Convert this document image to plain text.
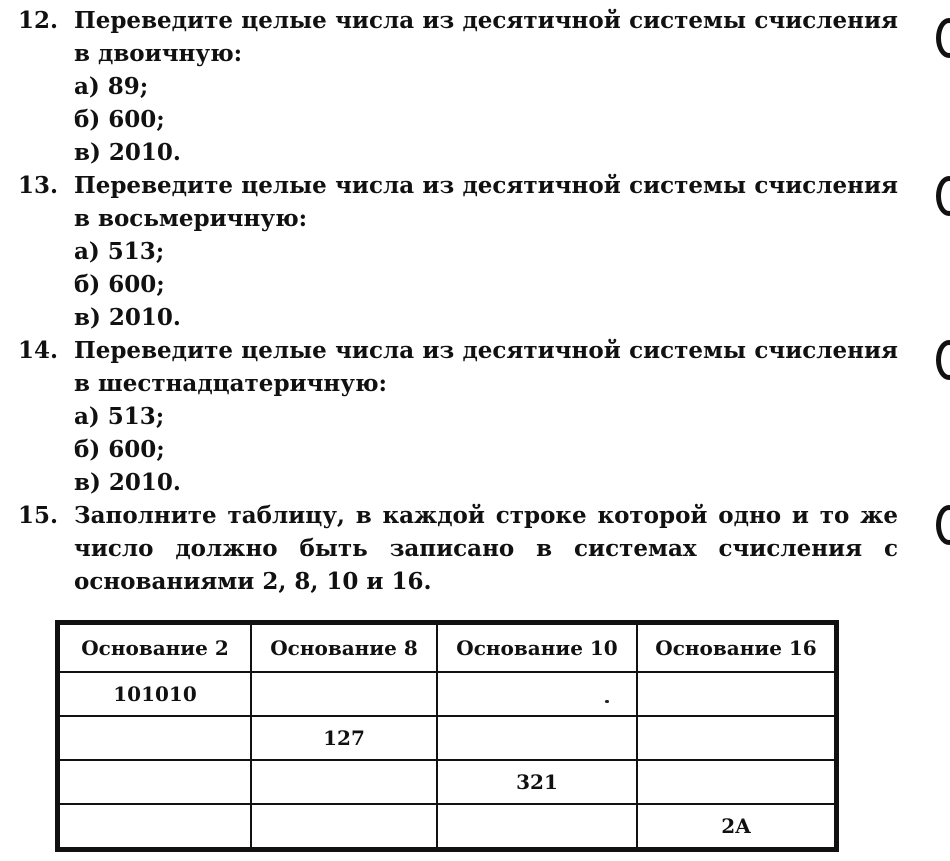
12. Переведите целые числа из десятичной системы счисления в двоичную:
а) 89;
б) 600;
в) 2010.
13. Переведите целые числа из десятичной системы счисления в восьмеричную:
а) 513;
б) 600;
в) 2010.
14. Переведите целые числа из десятичной системы счисления в шестнадцатеричную:
а) 513;
б) 600;
в) 2010.
15. Заполните таблицу, в каждой строке которой одно и то же число должно быть записано в системах счисления с основаниями 2, 8, 10 и 16.
Основание 2	Основание 8	Основание 10	Основание 16
101010			
	127		
		321	
			2A
